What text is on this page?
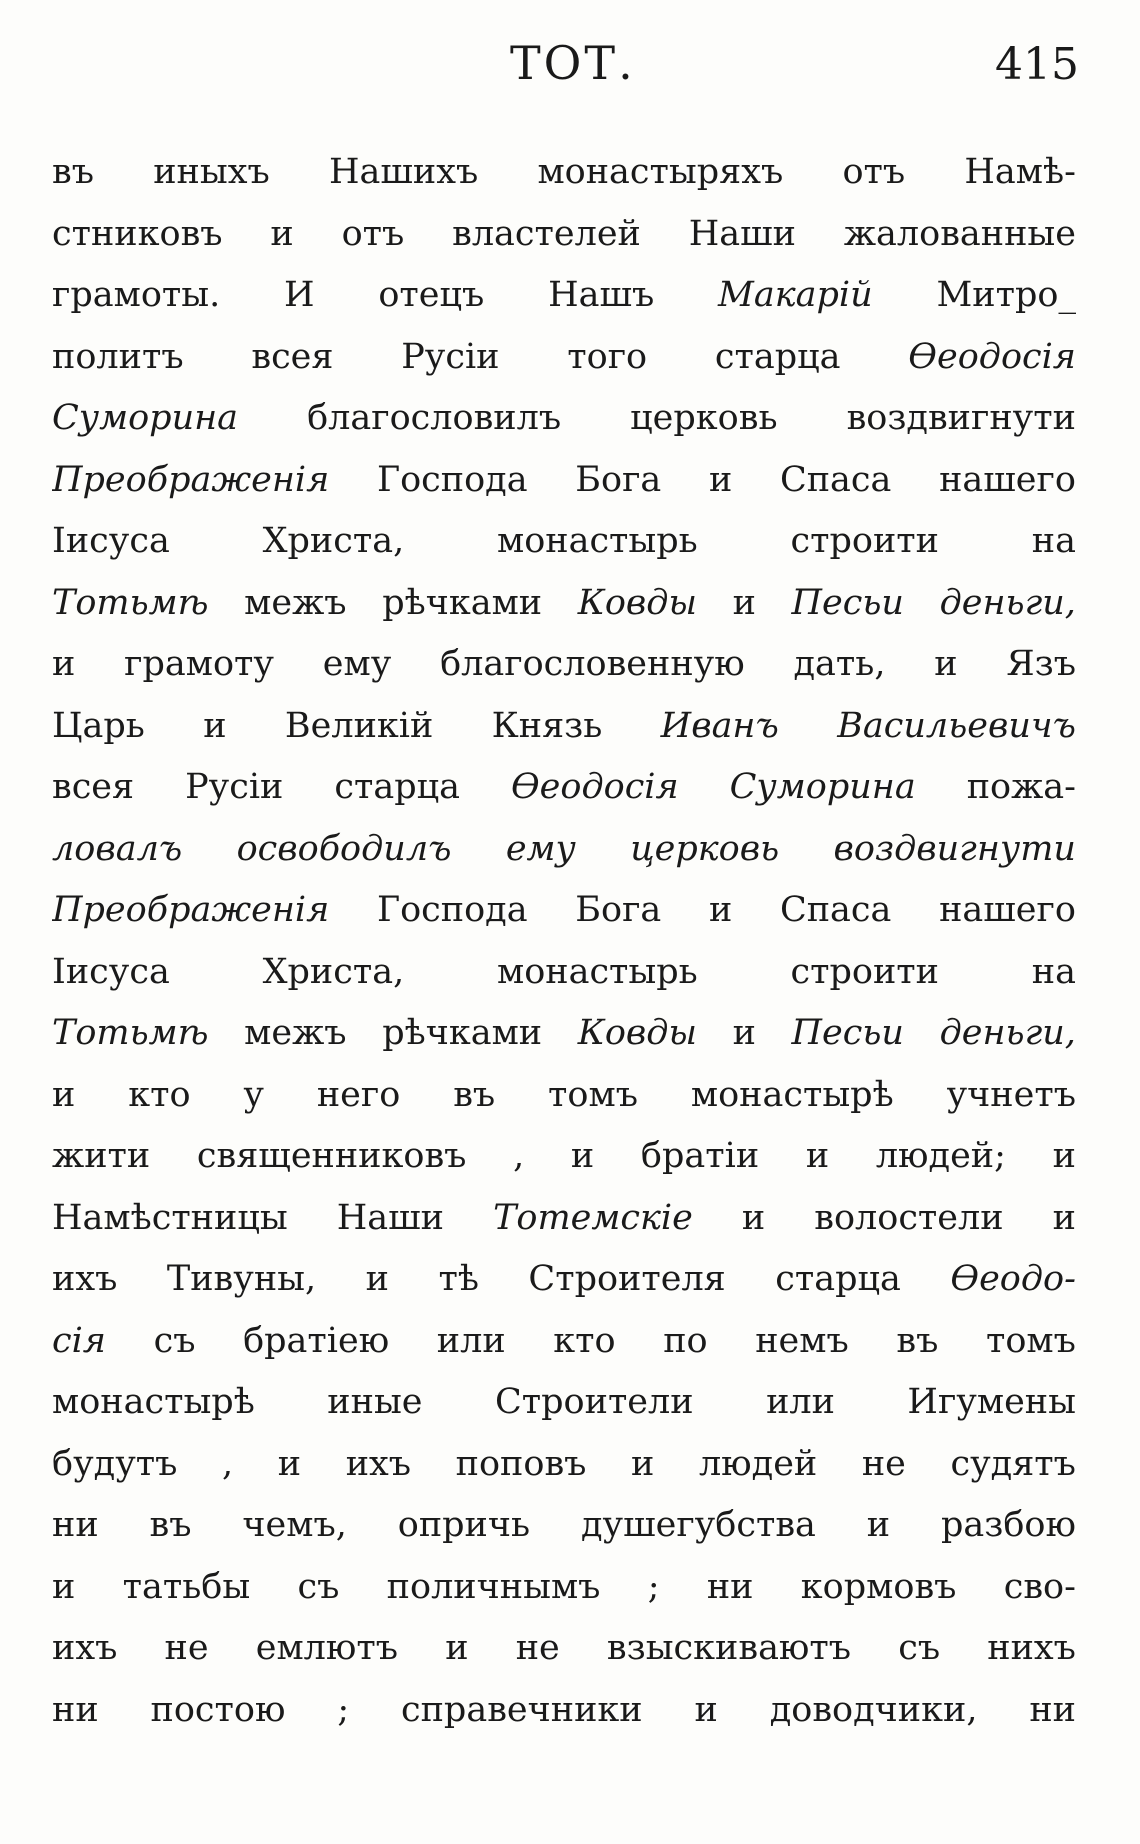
ТОТ.	415
въ иныхъ Нашихъ монастыряхъ отъ Намѣ-
стниковъ и отъ властелей Наши жалованные
грамоты. И отецъ Нашъ Макарій Митро_
политъ всея Русіи того старца Ѳеодосія
Суморина благословилъ церковь воздвигнути
Преображенія Господа Бога и Спаса нашего
Іисуса	Христа,	монастырь	строити	на
Тотьмѣ межъ рѣчками Ковды и Песьи деньги,
и грамоту ему благословенную дать, и Язъ
Царь и Великій Князь Иванъ Васильевичъ
всея Русіи старца Ѳеодосія Суморина пожа-
ловалъ освободилъ ему церковь воздвигнути
Преображенія Господа Бога и Спаса нашего
Іисуса	Христа,	монастырь	строити	на
Тотьмѣ межъ рѣчками Ковды и Песьи деньги,
и кто у него въ томъ монастырѣ учнетъ
жити священниковъ , и братіи и людей; и
Намѣстницы Наши Тотемскіе и волостели и
ихъ Тивуны, и тѣ Строителя старца Ѳеодо-
сія съ братіею или кто по немъ въ томъ
монастырѣ иные Строители или Игумены
будутъ , и ихъ поповъ и людей не судятъ
ни въ чемъ, опричь душегубства и разбою
и татьбы съ поличнымъ ; ни кормовъ сво-
ихъ не емлютъ и не взыскиваютъ съ нихъ
ни постою ; справечники и доводчики, ни
